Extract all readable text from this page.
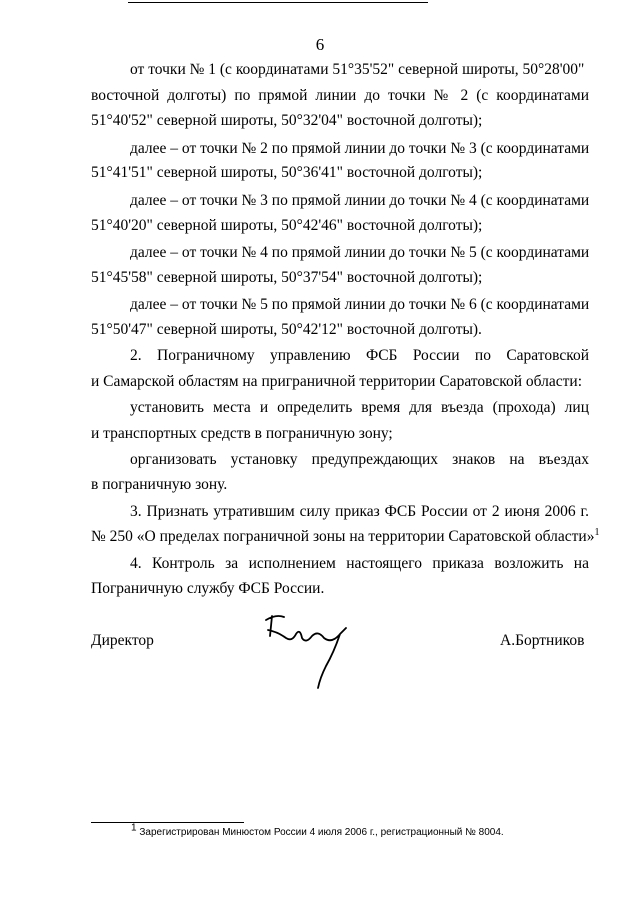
6
от точки № 1 (с координатами 51°35'52" северной широты, 50°28'00"
восточной долготы) по прямой линии до точки № 2 (с координатами
51°40'52" северной широты, 50°32'04" восточной долготы);
далее – от точки № 2 по прямой линии до точки № 3 (с координатами
51°41'51" северной широты, 50°36'41" восточной долготы);
далее – от точки № 3 по прямой линии до точки № 4 (с координатами
51°40'20" северной широты, 50°42'46" восточной долготы);
далее – от точки № 4 по прямой линии до точки № 5 (с координатами
51°45'58" северной широты, 50°37'54" восточной долготы);
далее – от точки № 5 по прямой линии до точки № 6 (с координатами
51°50'47" северной широты, 50°42'12" восточной долготы).
2. Пограничному управлению ФСБ России по Саратовской
и Самарской областям на приграничной территории Саратовской области:
установить места и определить время для въезда (прохода) лиц
и транспортных средств в пограничную зону;
организовать установку предупреждающих знаков на въездах
в пограничную зону.
3. Признать утратившим силу приказ ФСБ России от 2 июня 2006 г.
№ 250 «О пределах пограничной зоны на территории Саратовской области»$^1$
4. Контроль за исполнением настоящего приказа возложить на
Пограничную службу ФСБ России.
Директор	А.Бортников
$^1$ Зарегистрирован Минюстом России 4 июля 2006 г., регистрационный № 8004.
